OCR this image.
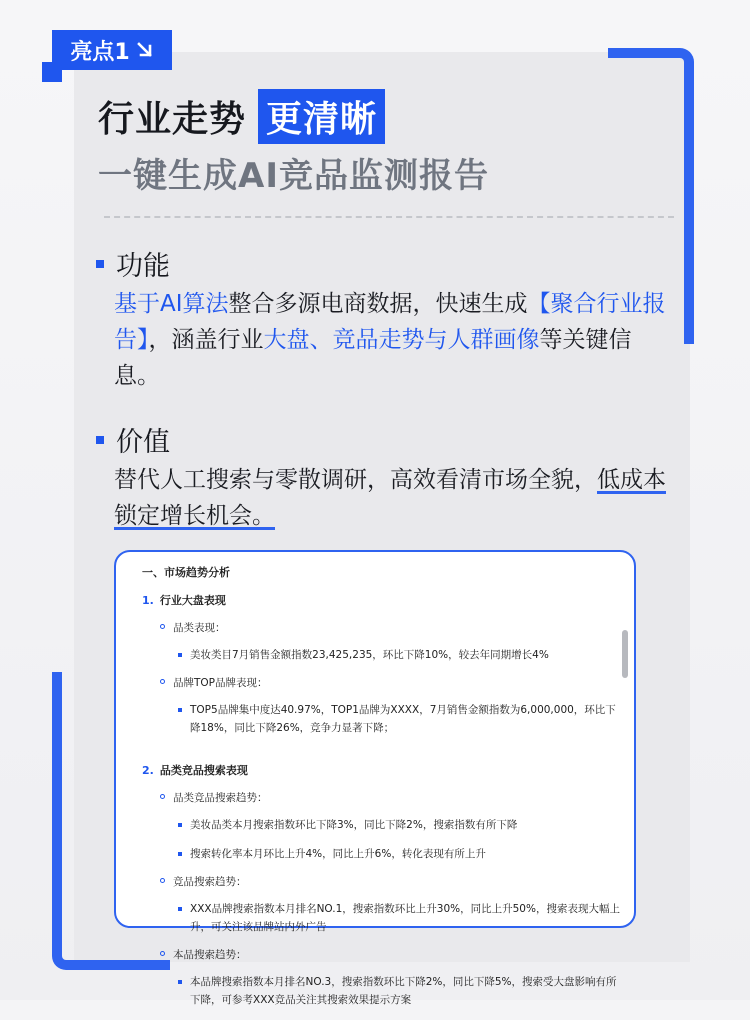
亮点1
行业走势 更清晰
一键生成AI竞品监测报告
功能
基于AI算法整合多源电商数据，快速生成【聚合行业报告】，涵盖行业大盘、竞品走势与人群画像等关键信息。
价值
替代人工搜索与零散调研，高效看清市场全貌，低成本锁定增长机会。
一、市场趋势分析
1. 行业大盘表现
品类表现：
美妆类目7月销售金额指数23,425,235，环比下降10%，较去年同期增长4%
品牌TOP品牌表现：
TOP5品牌集中度达40.97%，TOP1品牌为XXXX，7月销售金额指数为6,000,000，环比下降18%，同比下降26%，竞争力显著下降；
2. 品类竞品搜索表现
品类竞品搜索趋势：
美妆品类本月搜索指数环比下降3%，同比下降2%，搜索指数有所下降
搜索转化率本月环比上升4%，同比上升6%，转化表现有所上升
竞品搜索趋势：
XXX品牌搜索指数本月排名NO.1，搜索指数环比上升30%，同比上升50%，搜索表现大幅上升，可关注该品牌站内外广告
本品搜索趋势：
本品牌搜索指数本月排名NO.3，搜索指数环比下降2%，同比下降5%，搜索受大盘影响有所下降，可参考XXX竞品关注其搜索效果提示方案
